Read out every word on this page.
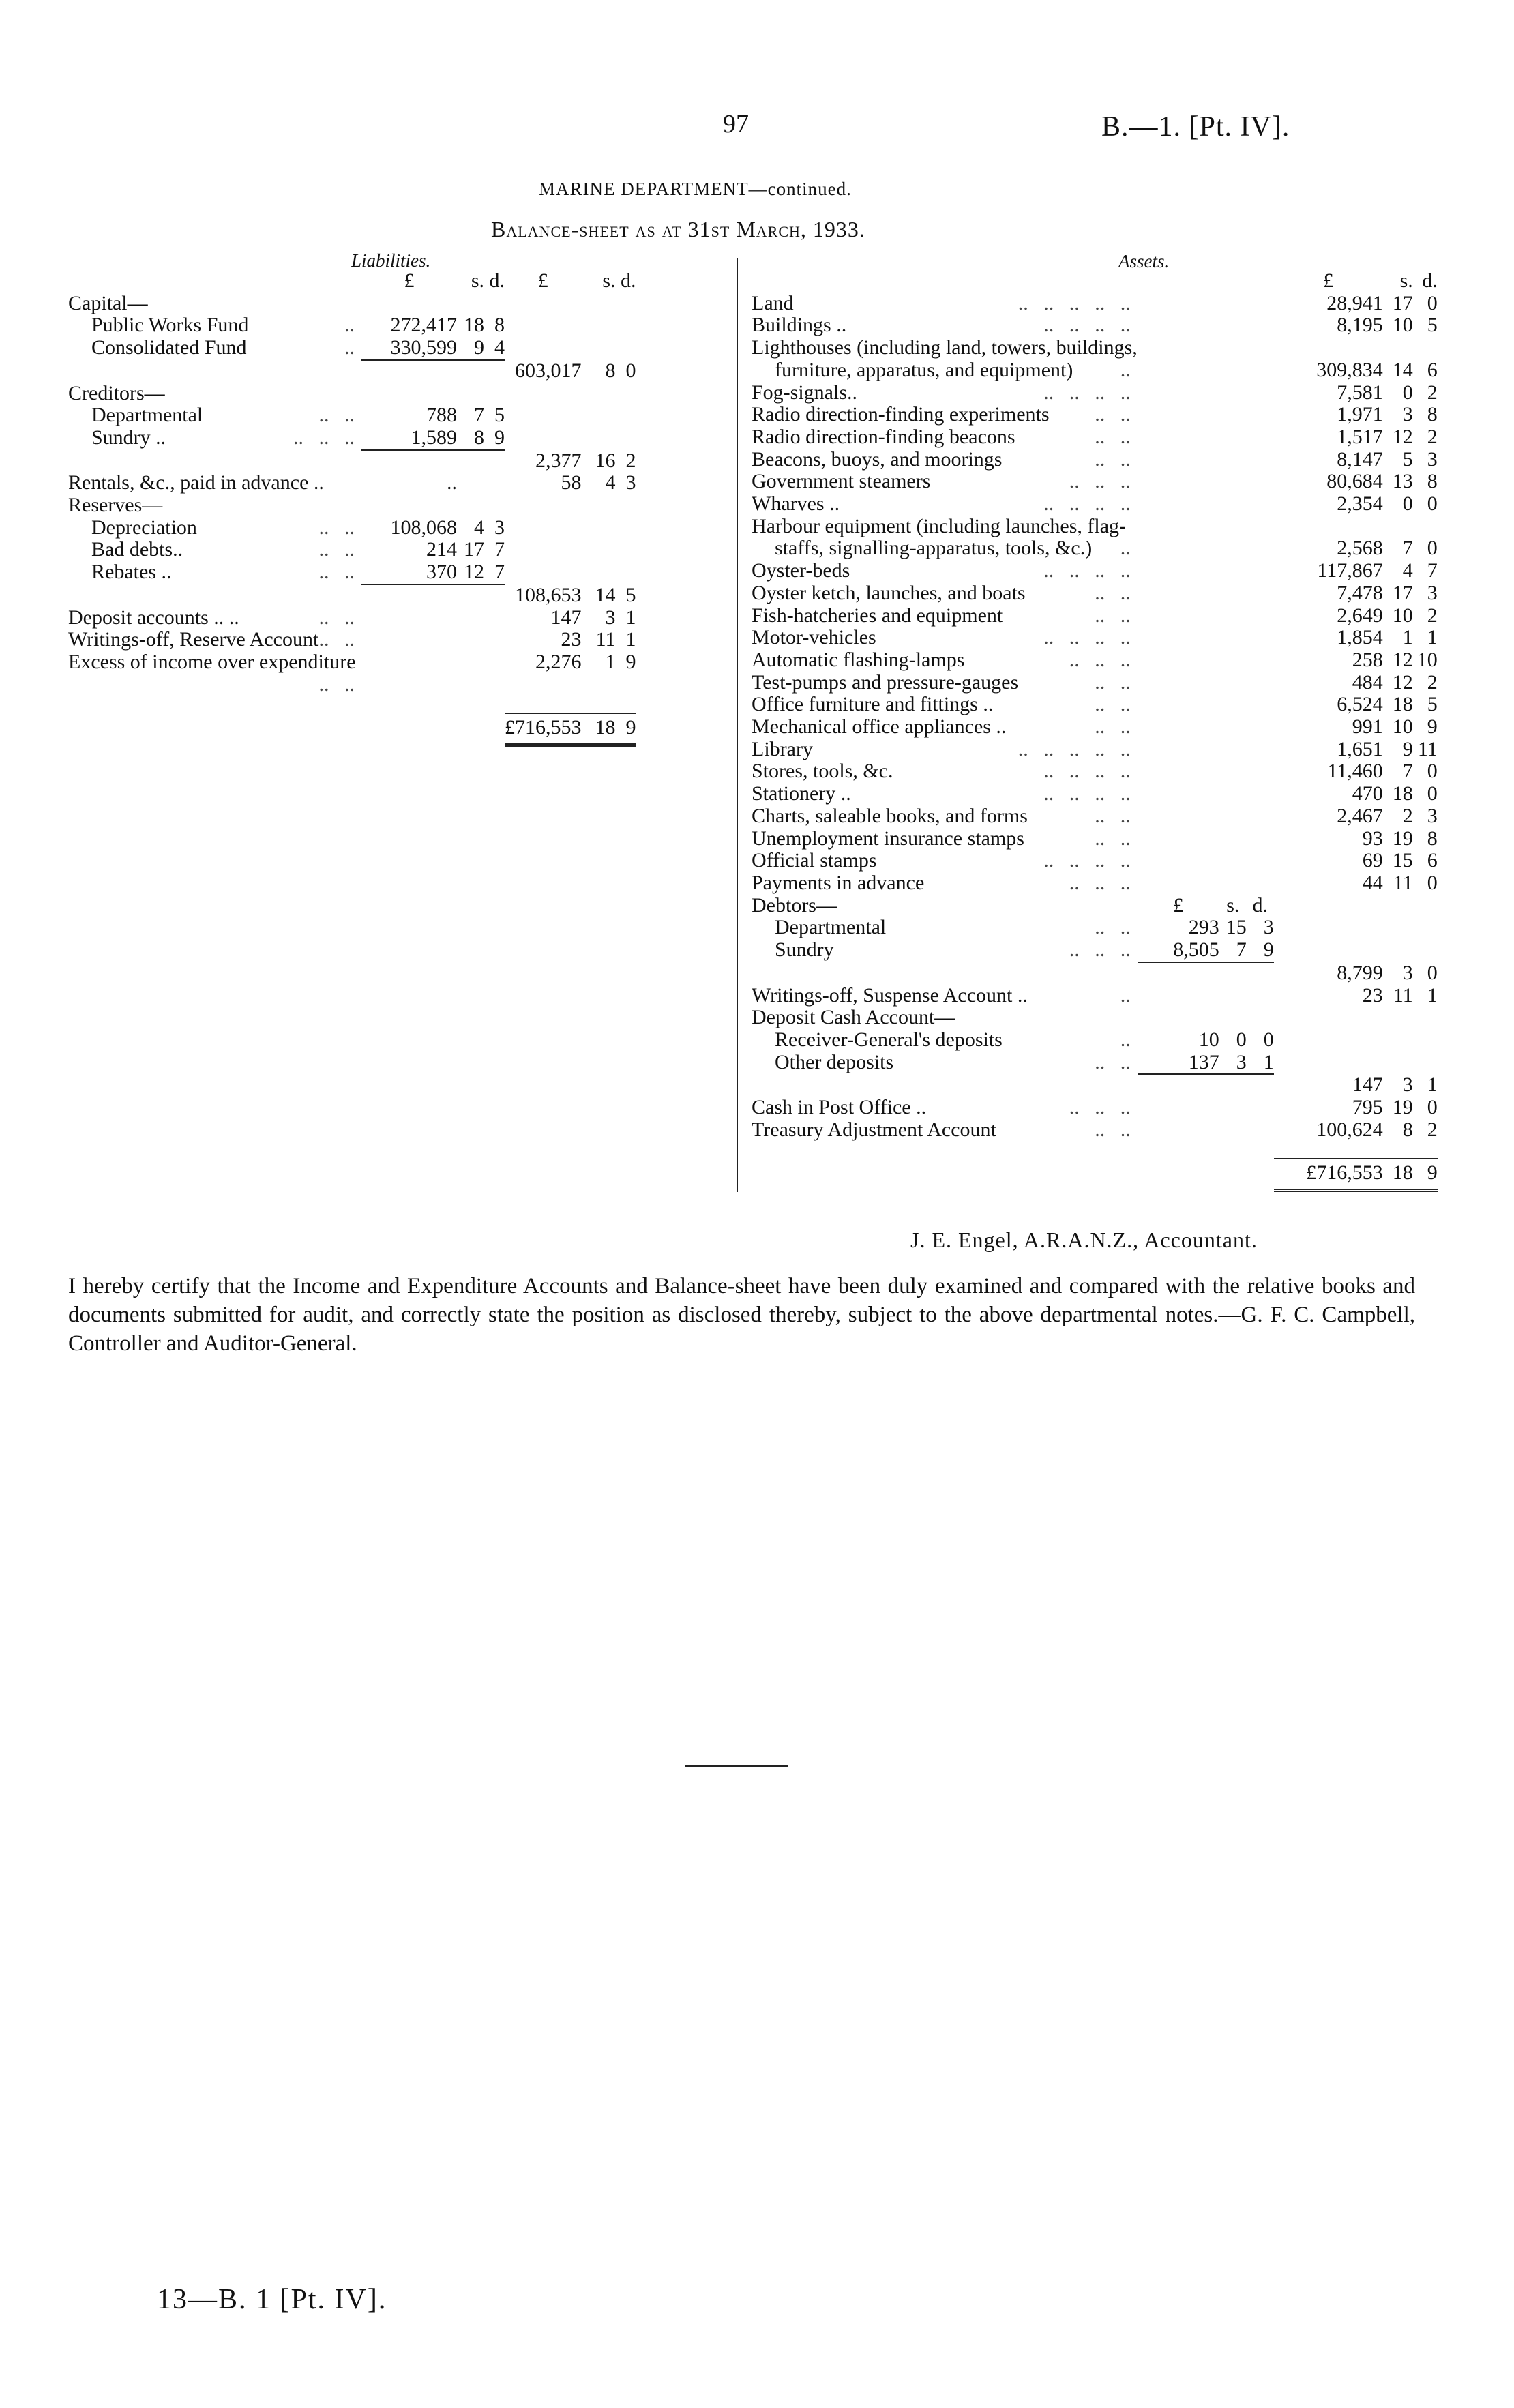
97	B.—1. [Pt. IV].
MARINE DEPARTMENT—continued.
Balance-sheet as at 31st March, 1933.
Liabilities.	Assets.
	£	s.	d.	£	s.	d.
Capital—						
Public Works Fund ..	272,417	18	8			
Consolidated Fund ..	330,599	9	4			
				603,017	8	0
Creditors—						
Departmental ..   ..	788	7	5			
Sundry .. ..   ..   ..	1,589	8	9			
				2,377	16	2
Rentals, &c., paid in advance ..	..			58	4	3
Reserves—						
Depreciation ..   ..	108,068	4	3			
Bad debts.. ..   ..	214	17	7			
Rebates .. ..   ..	370	12	7			
				108,653	14	5
Deposit accounts .. .. ..   ..				147	3	1
Writings-off, Reserve Account ..   ..				23	11	1
Excess of income over expenditure
..   ..				2,276	1	9

				£716,553	18	9
				£	s.	d.
Land ..   ..   ..   ..   ..				28,941	17	0
Buildings .. ..   ..   ..   ..				8,195	10	5
Lighthouses (including land, towers, buildings,						
furniture, apparatus, and equipment) ..				309,834	14	6
Fog-signals.. ..   ..   ..   ..				7,581	0	2
Radio direction-finding experiments ..   ..				1,971	3	8
Radio direction-finding beacons ..   ..				1,517	12	2
Beacons, buoys, and moorings ..   ..				8,147	5	3
Government steamers ..   ..   ..				80,684	13	8
Wharves .. ..   ..   ..   ..				2,354	0	0
Harbour equipment (including launches, flag-						
staffs, signalling-apparatus, tools, &c.) ..				2,568	7	0
Oyster-beds ..   ..   ..   ..				117,867	4	7
Oyster ketch, launches, and boats ..   ..				7,478	17	3
Fish-hatcheries and equipment ..   ..				2,649	10	2
Motor-vehicles ..   ..   ..   ..				1,854	1	1
Automatic flashing-lamps ..   ..   ..				258	12	10
Test-pumps and pressure-gauges ..   ..				484	12	2
Office furniture and fittings .. ..   ..				6,524	18	5
Mechanical office appliances .. ..   ..				991	10	9
Library ..   ..   ..   ..   ..				1,651	9	11
Stores, tools, &c. ..   ..   ..   ..				11,460	7	0
Stationery .. ..   ..   ..   ..				470	18	0
Charts, saleable books, and forms ..   ..				2,467	2	3
Unemployment insurance stamps ..   ..				93	19	8
Official stamps ..   ..   ..   ..				69	15	6
Payments in advance ..   ..   ..				44	11	0
Debtors—	£	s.	d.			
Departmental ..   ..	293	15	3			
Sundry ..   ..   ..	8,505	7	9			
				8,799	3	0
Writings-off, Suspense Account .. ..				23	11	1
Deposit Cash Account—						
Receiver-General's deposits ..	10	0	0			
Other deposits ..   ..	137	3	1			
				147	3	1
Cash in Post Office .. ..   ..   ..				795	19	0
Treasury Adjustment Account ..   ..				100,624	8	2

				£716,553	18	9
J. E. Engel, A.R.A.N.Z., Accountant.
I hereby certify that the Income and Expenditure Accounts and Balance-sheet have been duly examined and compared with the relative books and documents submitted for audit, and correctly state the position as disclosed thereby, subject to the above departmental notes.—G. F. C. Campbell, Controller and Auditor-General.
13—B. 1 [Pt. IV].
